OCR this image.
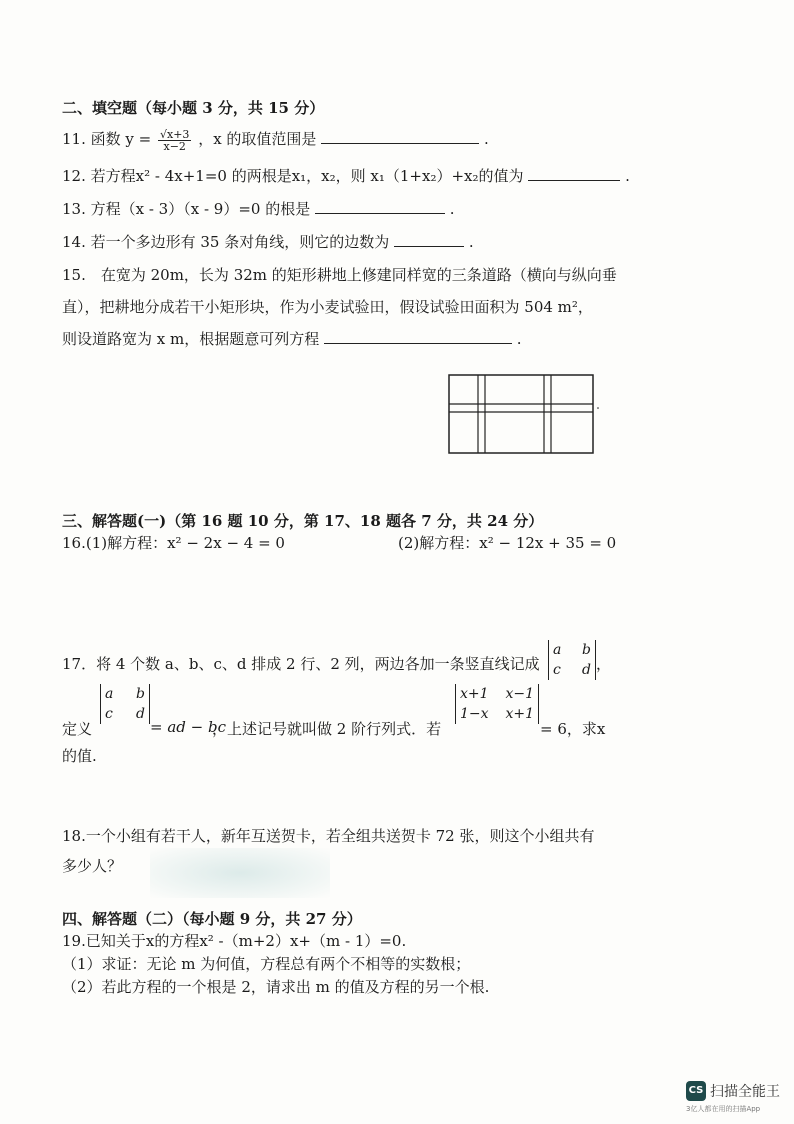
二、填空题（每小题 3 分，共 15 分）
11. 函数 $y = \frac{√x+3}{x-2}$ ，x 的取值范围是	.
12. 若方程x² - 4x+1=0 的两根是x₁，x₂，则 x₁（1+x₂）+x₂的值为	.
13. 方程（x - 3）（x - 9）=0 的根是	.
14. 若一个多边形有 35 条对角线，则它的边数为	.
15.　在宽为 20m，长为 32m 的矩形耕地上修建同样宽的三条道路（横向与纵向垂
直），把耕地分成若干小矩形块，作为小麦试验田，假设试验田面积为 504 m²，
则设道路宽为 x m，根据题意可列方程	.
三、解答题(一)（第 16 题 10 分，第 17、18 题各 7 分，共 24 分）
16.(1)解方程：x² − 2x − 4 = 0	(2)解方程：x² − 12x + 35 = 0
17．将 4 个数 a、b、c、d 排成 2 行、2 列，两边各加一条竖直线记成
a b
c d ，
定义
a b
c d
= ad − bc
，上述记号就叫做 2 阶行列式．若
x+1 x−1
1−x x+1
= 6，求x
的值.
18.一个小组有若干人，新年互送贺卡，若全组共送贺卡 72 张，则这个小组共有
多少人？
四、解答题（二）（每小题 9 分，共 27 分）
19.已知关于x的方程x² -（m+2）x+（m - 1）=0.
（1）求证：无论 m 为何值，方程总有两个不相等的实数根；
（2）若此方程的一个根是 2，请求出 m 的值及方程的另一个根.
CS 扫描全能王
3亿人都在用的扫描App
